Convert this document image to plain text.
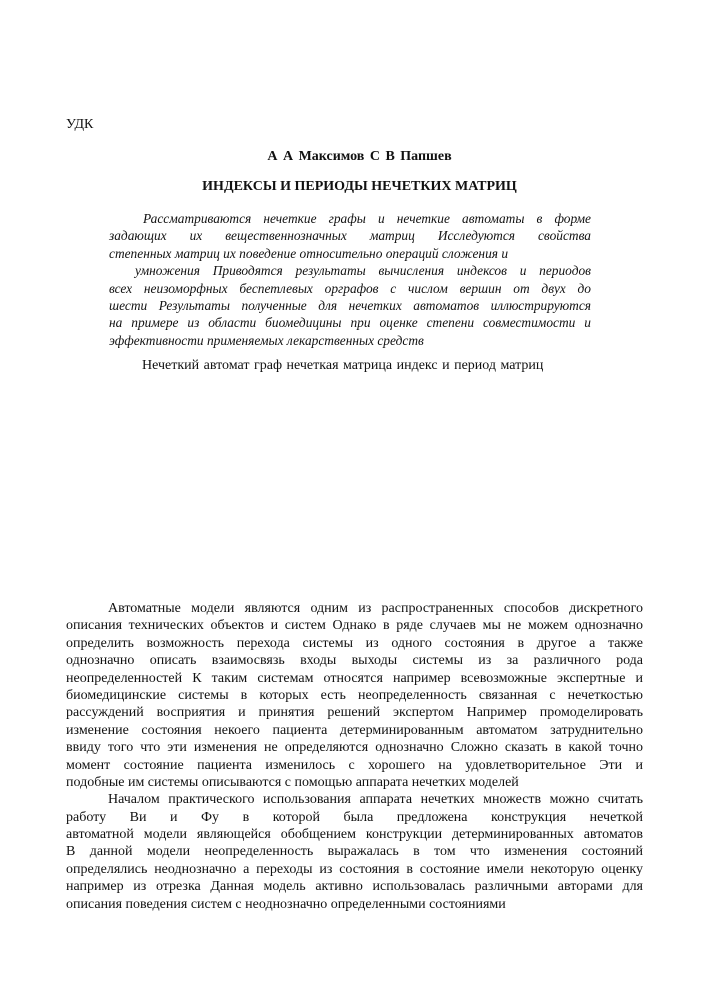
УДК
А А Максимов С В Папшев
ИНДЕКСЫ И ПЕРИОДЫ НЕЧЕТКИХ МАТРИЦ
Рассматриваются нечеткие графы и нечеткие автоматы в форме
задающих их вещественнозначных матриц Исследуются свойства
степенных матриц их поведение относительно операций сложения и
умножения Приводятся результаты вычисления индексов и периодов
всех неизоморфных беспетлевых орграфов с числом вершин от двух до
шести Результаты полученные для нечетких автоматов иллюстрируются
на примере из области биомедицины при оценке степени совместимости и
эффективности применяемых лекарственных средств
Нечеткий автомат граф нечеткая матрица индекс и период матриц
Автоматные модели являются одним из распространенных способов дискретного
описания технических объектов и систем Однако в ряде случаев мы не можем однозначно
определить возможность перехода системы из одного состояния в другое а также
однозначно описать взаимосвязь входы выходы системы из за различного рода
неопределенностей К таким системам относятся например всевозможные экспертные и
биомедицинские системы в которых есть неопределенность связанная с нечеткостью
рассуждений восприятия и принятия решений экспертом Например промоделировать
изменение состояния некоего пациента детерминированным автоматом затруднительно
ввиду того что эти изменения не определяются однозначно Сложно сказать в какой точно
момент состояние пациента изменилось с хорошего на удовлетворительное Эти и
подобные им системы описываются с помощью аппарата нечетких моделей
Началом практического использования аппарата нечетких множеств можно считать
работу Ви и Фу в которой была предложена конструкция нечеткой
автоматной модели являющейся обобщением конструкции детерминированных автоматов
В данной модели неопределенность выражалась в том что изменения состояний
определялись неоднозначно а переходы из состояния в состояние имели некоторую оценку
например из отрезка Данная модель активно использовалась различными авторами для
описания поведения систем с неоднозначно определенными состояниями
